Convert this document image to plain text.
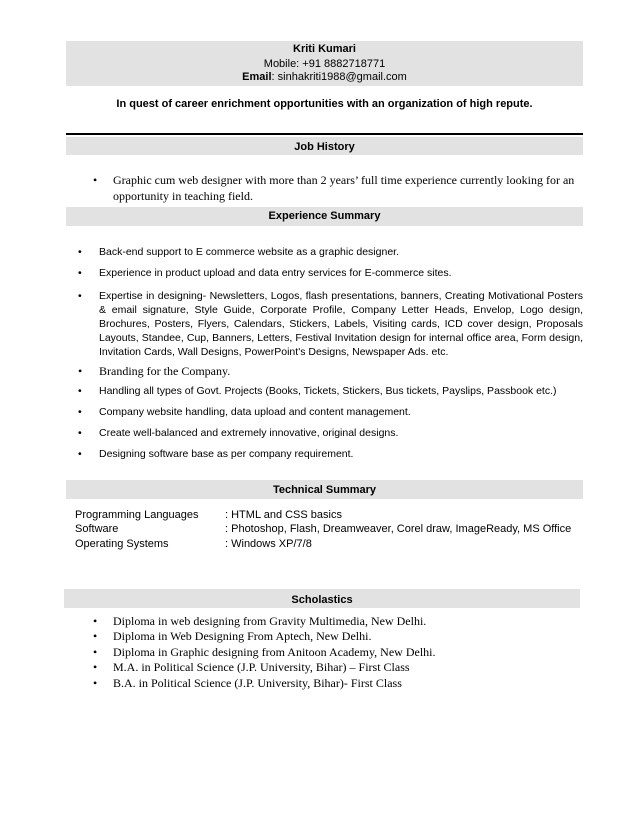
Kriti Kumari
Mobile: +91 8882718771
Email: sinhakriti1988@gmail.com
In quest of career enrichment opportunities with an organization of high repute.
Job History
• Graphic cum web designer with more than 2 years’ full time experience currently looking for an opportunity in teaching field.
Experience Summary
• Back-end support to E commerce website as a graphic designer.
• Experience in product upload and data entry services for E-commerce sites.
• Expertise in designing- Newsletters, Logos, flash presentations, banners, Creating Motivational Posters & email signature, Style Guide, Corporate Profile, Company Letter Heads, Envelop, Logo design, Brochures, Posters, Flyers, Calendars, Stickers, Labels, Visiting cards, ICD cover design, Proposals Layouts, Standee, Cup, Banners, Letters, Festival Invitation design for internal office area, Form design, Invitation Cards, Wall Designs, PowerPoint's Designs, Newspaper Ads. etc.
• Branding for the Company.
• Handling all types of Govt. Projects (Books, Tickets, Stickers, Bus tickets, Payslips, Passbook etc.)
• Company website handling, data upload and content management.
• Create well-balanced and extremely innovative, original designs.
• Designing software base as per company requirement.
Technical Summary
Programming Languages : HTML and CSS basics
Software	: Photoshop, Flash, Dreamweaver, Corel draw, ImageReady, MS Office
Operating Systems	: Windows XP/7/8
Scholastics
• Diploma in web designing from Gravity Multimedia, New Delhi.
• Diploma in Web Designing From Aptech, New Delhi.
• Diploma in Graphic designing from Anitoon Academy, New Delhi.
• M.A. in Political Science (J.P. University, Bihar) – First Class
• B.A. in Political Science (J.P. University, Bihar)- First Class
